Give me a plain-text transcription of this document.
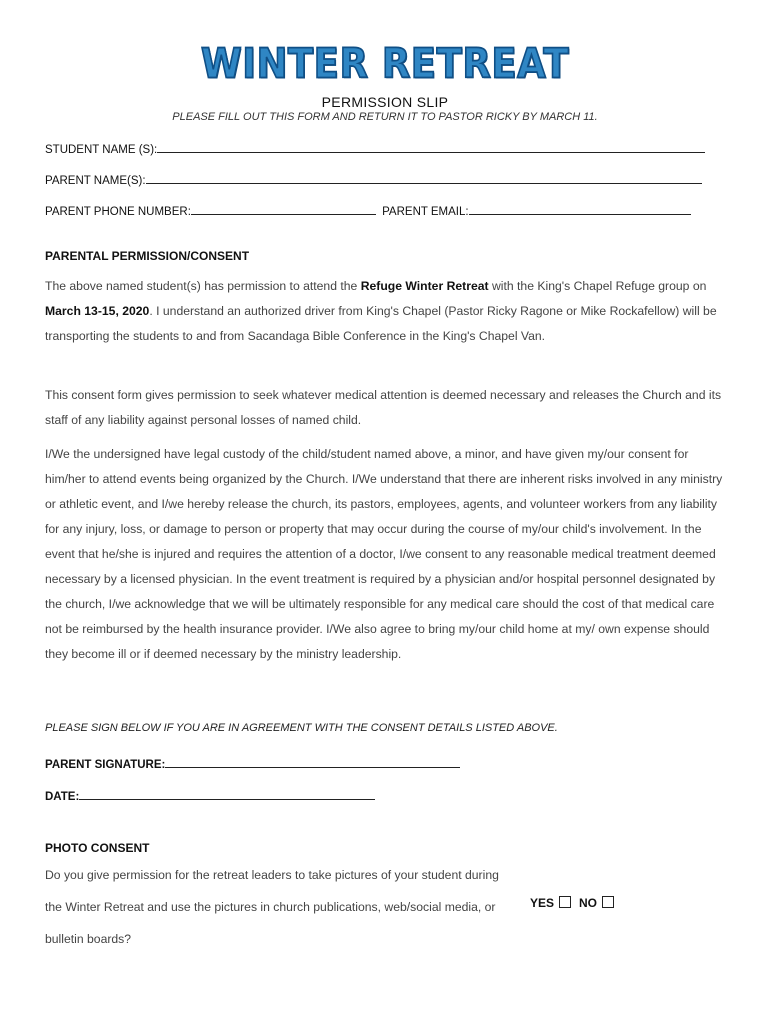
WINTER RETREAT
PERMISSION SLIP
PLEASE FILL OUT THIS FORM AND RETURN IT TO PASTOR RICKY BY MARCH 11.
STUDENT NAME (S):
PARENT NAME(S):
PARENT PHONE NUMBER:	PARENT EMAIL:
PARENTAL PERMISSION/CONSENT

The above named student(s) has permission to attend the Refuge Winter Retreat with the King's Chapel Refuge group on March 13-15, 2020. I understand an authorized driver from King's Chapel (Pastor Ricky Ragone or Mike Rockafellow) will be transporting the students to and from Sacandaga Bible Conference in the King's Chapel Van.

This consent form gives permission to seek whatever medical attention is deemed necessary and releases the Church and its staff of any liability against personal losses of named child.

I/We the undersigned have legal custody of the child/student named above, a minor, and have given my/our consent for him/her to attend events being organized by the Church. I/We understand that there are inherent risks involved in any ministry or athletic event, and I/we hereby release the church, its pastors, employees, agents, and volunteer workers from any liability for any injury, loss, or damage to person or property that may occur during the course of my/our child's involvement. In the event that he/she is injured and requires the attention of a doctor, I/we consent to any reasonable medical treatment deemed necessary by a licensed physician. In the event treatment is required by a physician and/or hospital personnel designated by the church, I/we acknowledge that we will be ultimately responsible for any medical care should the cost of that medical care not be reimbursed by the health insurance provider. I/We also agree to bring my/our child home at my/ own expense should they become ill or if deemed necessary by the ministry leadership.

PLEASE SIGN BELOW IF YOU ARE IN AGREEMENT WITH THE CONSENT DETAILS LISTED ABOVE.
PARENT SIGNATURE:
DATE:
PHOTO CONSENT

Do you give permission for the retreat leaders to take pictures of your student during the Winter Retreat and use the pictures in church publications, web/social media, or bulletin boards?

YES NO
